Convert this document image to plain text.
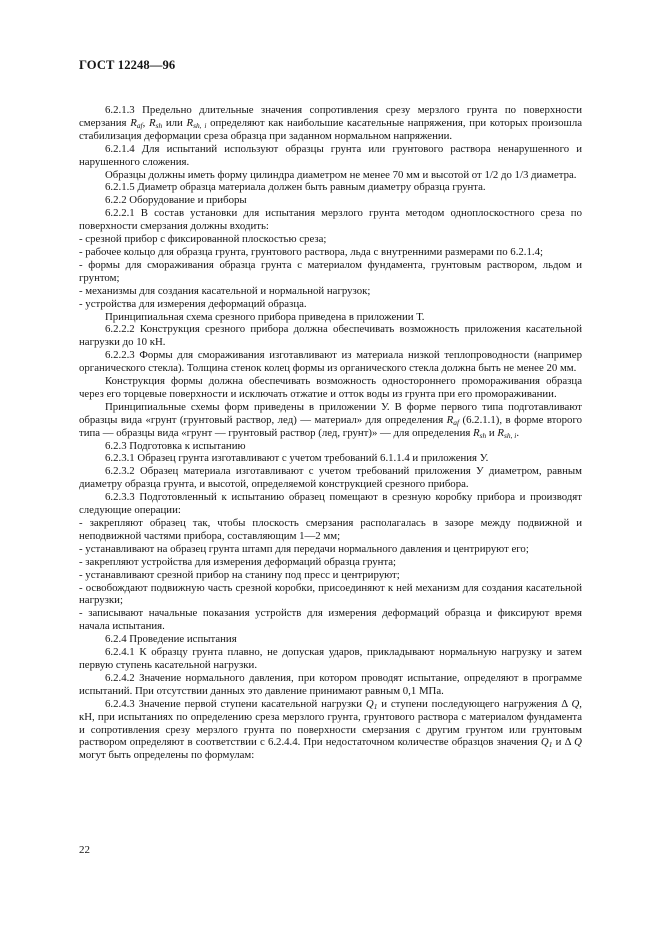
ГОСТ 12248—96

6.2.1.3 Предельно длительные значения сопротивления срезу мерзлого грунта по поверхности смерзания $R_{af}$, $R_{sh}$ или $R_{sh, i}$ определяют как наибольшие касательные напряжения, при которых произошла стабилизация деформации среза образца при заданном нормальном напряжении.

6.2.1.4 Для испытаний используют образцы грунта или грунтового раствора ненарушенного и нарушенного сложения.

Образцы должны иметь форму цилиндра диаметром не менее 70 мм и высотой от 1/2 до 1/3 диаметра.

6.2.1.5 Диаметр образца материала должен быть равным диаметру образца грунта.

6.2.2 Оборудование и приборы

6.2.2.1 В состав установки для испытания мерзлого грунта методом одноплоскостного среза по поверхности смерзания должны входить:

- срезной прибор с фиксированной плоскостью среза;

- рабочее кольцо для образца грунта, грунтового раствора, льда с внутренними размерами по 6.2.1.4;

- формы для смораживания образца грунта с материалом фундамента, грунтовым раствором, льдом и грунтом;

- механизмы для создания касательной и нормальной нагрузок;

- устройства для измерения деформаций образца.

Принципиальная схема срезного прибора приведена в приложении Т.

6.2.2.2 Конструкция срезного прибора должна обеспечивать возможность приложения касательной нагрузки до 10 кН.

6.2.2.3 Формы для смораживания изготавливают из материала низкой теплопроводности (например органического стекла). Толщина стенок колец формы из органического стекла должна быть не менее 20 мм.

Конструкция формы должна обеспечивать возможность одностороннего промораживания образца через его торцевые поверхности и исключать отжатие и отток воды из грунта при его промораживании.

Принципиальные схемы форм приведены в приложении У. В форме первого типа подготавливают образцы вида «грунт (грунтовый раствор, лед) — материал» для определения $R_{af}$ (6.2.1.1), в форме второго типа — образцы вида «грунт — грунтовый раствор (лед, грунт)» — для определения $R_{sh}$ и $R_{sh, i}$.

6.2.3 Подготовка к испытанию

6.2.3.1 Образец грунта изготавливают с учетом требований 6.1.1.4 и приложения У.

6.2.3.2 Образец материала изготавливают с учетом требований приложения У диаметром, равным диаметру образца грунта, и высотой, определяемой конструкцией срезного прибора.

6.2.3.3 Подготовленный к испытанию образец помещают в срезную коробку прибора и производят следующие операции:

- закрепляют образец так, чтобы плоскость смерзания располагалась в зазоре между подвижной и неподвижной частями прибора, составляющим 1—2 мм;

- устанавливают на образец грунта штамп для передачи нормального давления и центрируют его;

- закрепляют устройства для измерения деформаций образца грунта;

- устанавливают срезной прибор на станину под пресс и центрируют;

- освобождают подвижную часть срезной коробки, присоединяют к ней механизм для создания касательной нагрузки;

- записывают начальные показания устройств для измерения деформаций образца и фиксируют время начала испытания.

6.2.4 Проведение испытания

6.2.4.1 К образцу грунта плавно, не допуская ударов, прикладывают нормальную нагрузку и затем первую ступень касательной нагрузки.

6.2.4.2 Значение нормального давления, при котором проводят испытание, определяют в программе испытаний. При отсутствии данных это давление принимают равным 0,1 МПа.

6.2.4.3 Значение первой ступени касательной нагрузки $Q_1$ и ступени последующего нагружения Δ Q, кН, при испытаниях по определению среза мерзлого грунта, грунтового раствора с материалом фундамента и сопротивления срезу мерзлого грунта по поверхности смерзания с другим грунтом или грунтовым раствором определяют в соответствии с 6.2.4.4. При недостаточном количестве образцов значения $Q_1$ и Δ Q могут быть определены по формулам:

22
